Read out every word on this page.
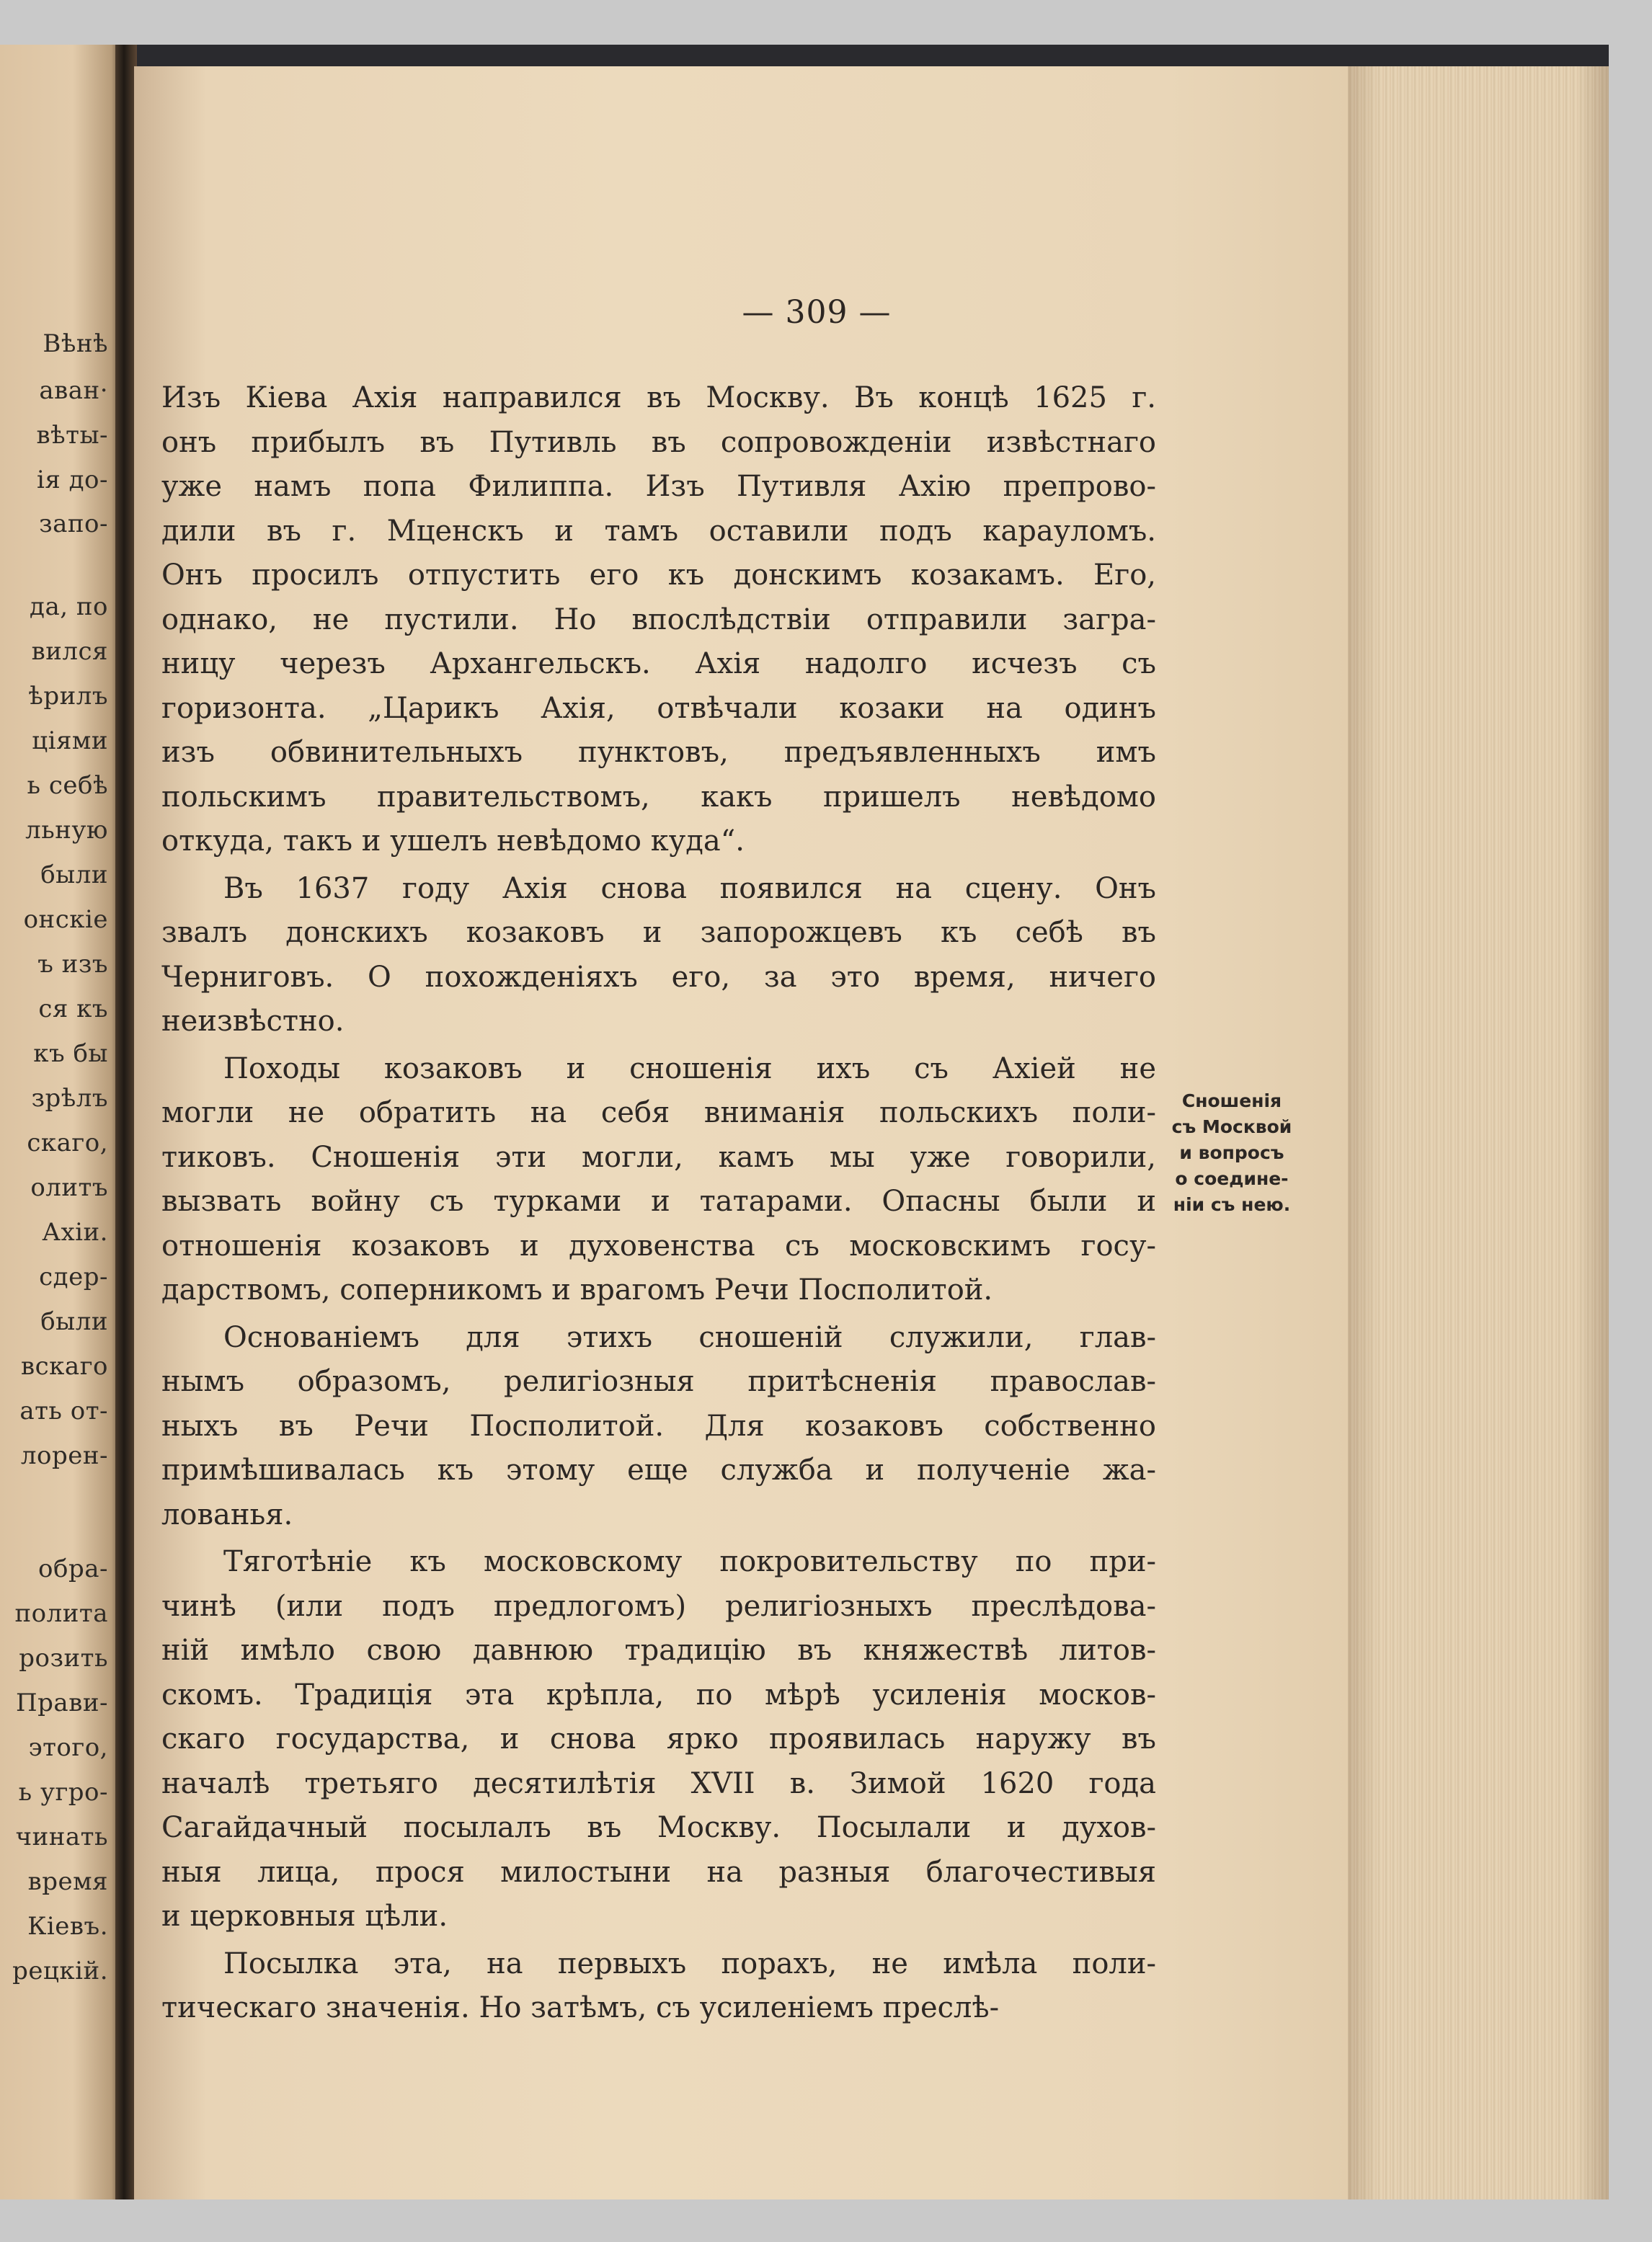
Вѣнѣ
аван·
вѣты-
ія до-
запо-
да, по
вился
ѣрилъ
ціями
ь себѣ
льную
были
онскіе
ъ изъ
ся къ
къ бы
зрѣлъ
скаго,
олитъ
Ахіи.
сдер-
были
вскаго
ать от-
лорен-
обра-
полита
розить
Прави-
этого,
ь угро-
чинать
время
Кіевъ.
рецкій.
— 309 —
Изъ Кіева Ахія направился въ Москву. Въ концѣ 1625 г.
онъ прибылъ въ Путивль въ сопровожденіи извѣстнаго
уже намъ попа Филиппа. Изъ Путивля Ахію препрово-
дили въ г. Мценскъ и тамъ оставили подъ карауломъ.
Онъ просилъ отпустить его къ донскимъ козакамъ. Его,
однако, не пустили. Но впослѣдствіи отправили загра-
ницу черезъ Архангельскъ. Ахія надолго исчезъ съ
горизонта. „Царикъ Ахія, отвѣчали козаки на одинъ
изъ обвинительныхъ пунктовъ, предъявленныхъ имъ
польскимъ правительствомъ, какъ пришелъ невѣдомо
откуда, такъ и ушелъ невѣдомо куда“.
Въ 1637 году Ахія снова появился на сцену. Онъ
звалъ донскихъ козаковъ и запорожцевъ къ себѣ въ
Черниговъ. О похожденіяхъ его, за это время, ничего
неизвѣстно.
Походы козаковъ и сношенія ихъ съ Ахіей не
могли не обратить на себя вниманія польскихъ поли-
тиковъ. Сношенія эти могли, камъ мы уже говорили,
вызвать войну съ турками и татарами. Опасны были и
отношенія козаковъ и духовенства съ московскимъ госу-
дарствомъ, соперникомъ и врагомъ Речи Посполитой.
Основаніемъ для этихъ сношеній служили, глав-
нымъ образомъ, религіозныя притѣсненія православ-
ныхъ въ Речи Посполитой. Для козаковъ собственно
примѣшивалась къ этому еще служба и полученіе жа-
лованья.
Тяготѣніе къ московскому покровительству по при-
чинѣ (или подъ предлогомъ) религіозныхъ преслѣдова-
ній имѣло свою давнюю традицію въ княжествѣ литов-
скомъ. Традиція эта крѣпла, по мѣрѣ усиленія москов-
скаго государства, и снова ярко проявилась наружу въ
началѣ третьяго десятилѣтія XVII в. Зимой 1620 года
Сагайдачный посылалъ въ Москву. Посылали и духов-
ныя лица, прося милостыни на разныя благочестивыя
и церковныя цѣли.
Посылка эта, на первыхъ порахъ, не имѣла поли-
тическаго значенія. Но затѣмъ, съ усиленіемъ преслѣ-
Сношенія
съ Москвой
и вопросъ
о соедине-
ніи съ нею.
